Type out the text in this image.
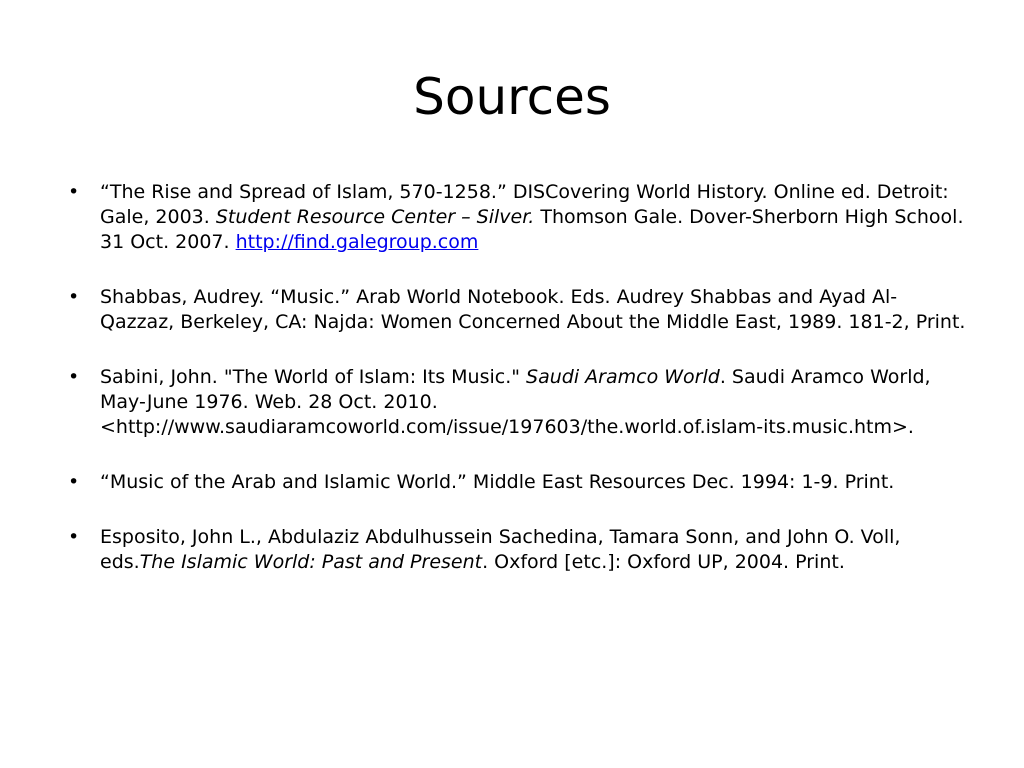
Sources
• “The Rise and Spread of Islam, 570-1258.” DISCovering World History. Online ed. Detroit: Gale, 2003. Student Resource Center – Silver. Thomson Gale. Dover-Sherborn High School. 31 Oct. 2007. http://find.galegroup.com
• Shabbas, Audrey. “Music.” Arab World Notebook. Eds. Audrey Shabbas and Ayad Al-Qazzaz, Berkeley, CA: Najda: Women Concerned About the Middle East, 1989. 181-2, Print.
• Sabini, John. "The World of Islam: Its Music." Saudi Aramco World. Saudi Aramco World, May-June 1976. Web. 28 Oct. 2010. <http://www.saudiaramcoworld.com/issue/197603/the.world.of.islam-its.music.htm>.
• “Music of the Arab and Islamic World.” Middle East Resources Dec. 1994: 1-9. Print.
• Esposito, John L., Abdulaziz Abdulhussein Sachedina, Tamara Sonn, and John O. Voll, eds.The Islamic World: Past and Present. Oxford [etc.]: Oxford UP, 2004. Print.
